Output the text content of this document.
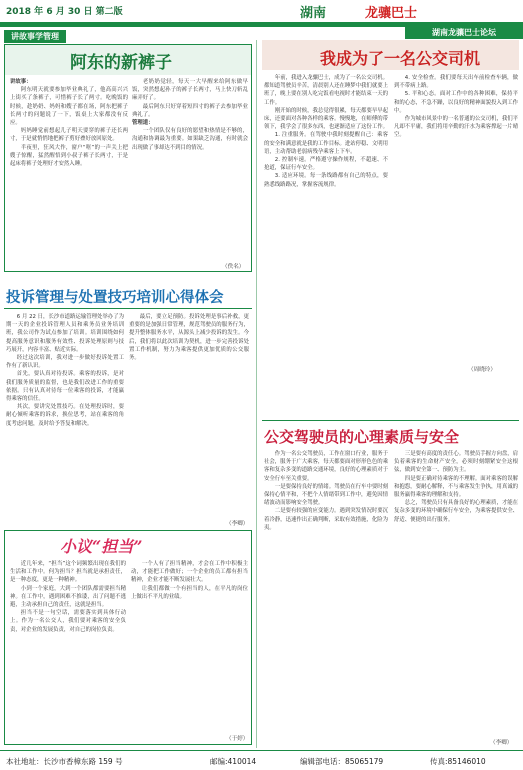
2018 年 6 月 30 日 第二版	湖南	龙骧巴士
湖南龙骧巴士论坛
讲故事学管理
阿东的新裤子

讲故事：

阿东明天就要参加毕业典礼了，他高高兴兴上街买了条裤子，可惜裤子长了两寸。吃晚饭的时候，趁奶奶、妈妈和嫂子都在场，阿东把裤子长两寸的问题说了一下，饭桌上大家都没有反应。

妈妈睡觉前想起儿子明天要穿的裤子还长两寸，于是就悄悄地把裤子剪好叠好放回原处。

半夜里，狂风大作，窗户“哐”的一声关上把嫂子惊醒，猛然醒悟到小叔子裤子长两寸，于是起床将裤子处理好才安然入睡。

老奶奶觉轻，每天一大早醒来给阿东做早饭，突然想起孙子的裤子长两寸，马上快刀斩乱麻弄好了。

最后阿东只好穿着短四寸的裤子去参加毕业典礼了。

管理道：

一个团队仅有良好的愿望和热情是不够的，沟通和协调最为重要。如果缺乏沟通，有时就会出现做了事却达不到目的情况。

（佚名）
投诉管理与处置技巧培训心得体会

6 月 22 日，长沙市道路运输管理处举办了为期一天的企业投诉管理人员和乘务员业务培训班，我公司作为试点参加了培训。培训围绕如何提高服务意识和服务有效性、投诉处理原则与技巧展开，内容丰富、贴近实际。

经过这次培训，我对进一步做好投诉处置工作有了新认识。

首先，要认真对待投诉。乘客的投诉，是对我们服务质量的监督，也是我们改进工作的重要依据。只有认真对待每一位乘客的投诉，才能赢得乘客的信任。

其次，要讲究处置技巧。在处理投诉时，要耐心倾听乘客的诉求，换位思考，站在乘客的角度考虑问题，及时给予答复和解决。

最后，要立足预防。投诉处理是事后补救，更重要的是加强日常管理，规范驾驶员的服务行为，提升整体服务水平，从源头上减少投诉的发生。今后，我们将以此次培训为契机，进一步完善投诉处置工作机制，努力为乘客提供更加优质的公交服务。

（李卿）
小议“担当”

近几年来，“担当”这个词频繁出现在我们的生活和工作中。何为担当？担当就是承担责任，是一种态度，更是一种精神。

小到一个家庭，大到一个团队都需要担当精神。在工作中，遇到困难不推诿，出了问题不逃避，主动承担自己的责任，这就是担当。

担当不是一句空话，需要落实到具体行动上。作为一名公交人，我们要对乘客的安全负责，对企业的发展负责，对自己的岗位负责。

一个人有了担当精神，才会在工作中积极主动，才能把工作做好；一个企业的员工都有担当精神，企业才能不断发展壮大。

让我们都做一个有担当的人，在平凡的岗位上做出不平凡的业绩。

（于婷）
我成为了一名公交司机

年前，我进入龙骧巴士，成为了一名公交司机。都知道驾驶员辛苦，清晨别人还在睡梦中我们就要上班了，晚上要在别人吃完饭看电视时才能结束一天的工作。

刚开始的时候，我总觉得很累，每天都要早早起床，还要面对各种各样的乘客。慢慢地，在师傅的带领下，我学会了很多东西，也逐渐适应了这份工作。

1. 注重服务。在驾驶中我时刻提醒自己：乘客的安全和满意就是我的工作目标。进站停稳、文明用语，主动帮助老弱病残孕乘客上下车。

2. 控制车速。严格遵守操作规程，不超速、不抢道，保证行车安全。

3. 适应环境。每一条线路都有自己的特点，要熟悉线路路况，掌握客流规律。

4. 安全检查。我们要每天出车前检查车辆，做到不带病上路。

5. 平和心态。面对工作中的各种困难，保持平和的心态，不急不躁，以良好的精神面貌投入到工作中。

作为城市风景中的一名普通的公交司机，我们平凡却不平庸，我们将用辛勤的汗水为乘客撑起一片晴空。

（周晓玲）
公交驾驶员的心理素质与安全

作为一名公交驾驶员，工作在窗口行业，服务于社会，服务于广大乘客，每天都要面对形形色色的乘客和复杂多变的道路交通环境，良好的心理素质对于安全行车至关重要。

一是要保持良好的情绪。驾驶员在行车中要时刻保持心情平和，不把个人情绪带到工作中，避免因情绪波动而影响安全驾驶。

二是要有较强的应变能力。遇到突发情况时要沉着冷静，迅速作出正确判断，采取有效措施，化险为夷。

三是要有高度的责任心。驾驶员手握方向盘，肩负着乘客的生命财产安全，必须时刻绷紧安全这根弦，做到安全第一、预防为主。

四是要正确对待乘客的不理解。面对乘客的误解和抱怨，要耐心解释，不与乘客发生争执，用真诚的服务赢得乘客的理解和支持。

总之，驾驶员只有具备良好的心理素质，才能在复杂多变的环境中确保行车安全，为乘客提供安全、舒适、便捷的出行服务。

（李卿）
本社地址：长沙市香樟东路 159 号	邮编:410014	编辑部电话：85065179	传真:85146010
